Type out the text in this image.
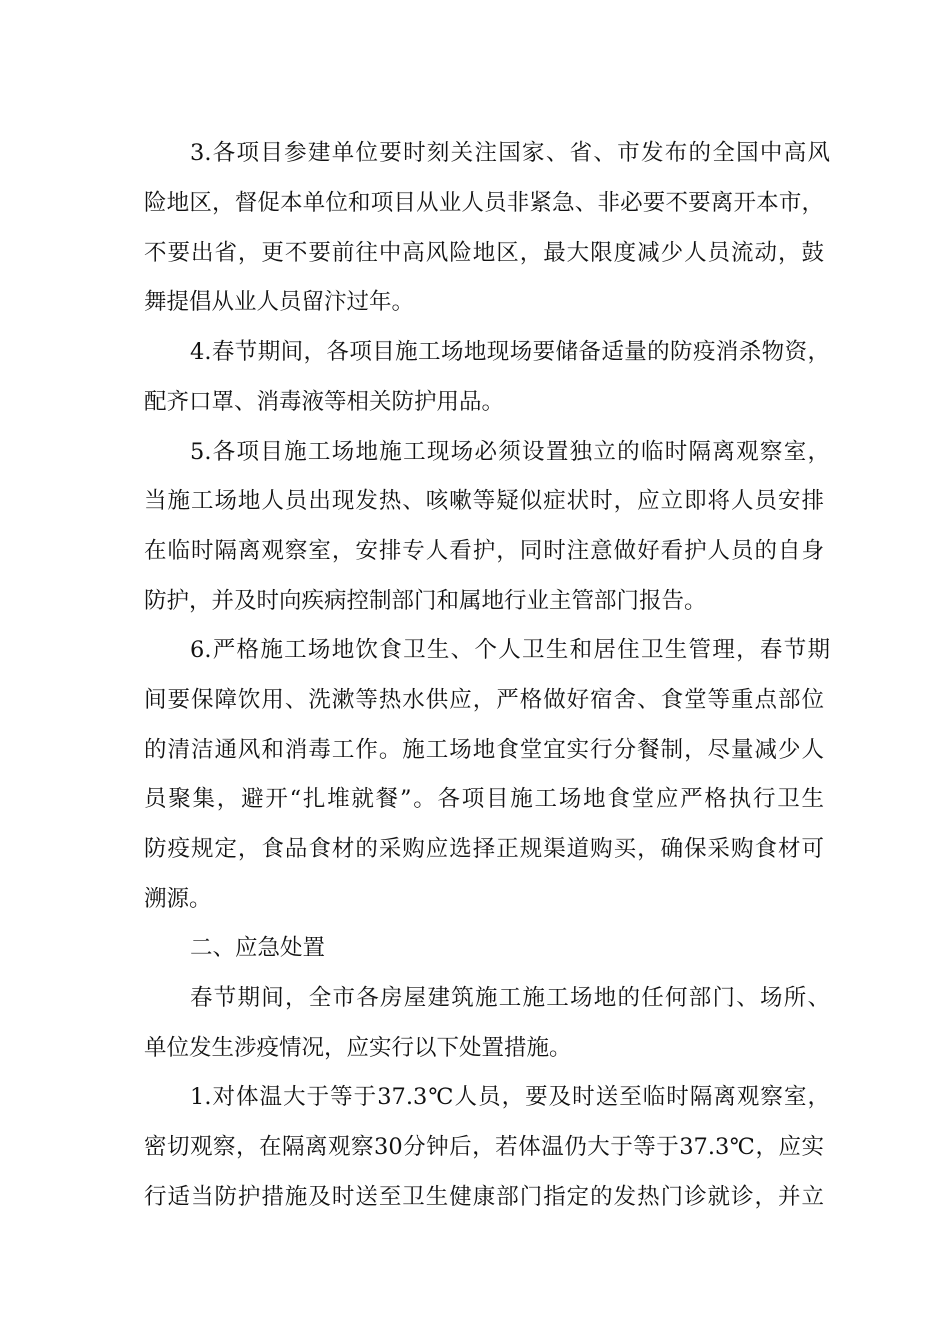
3.各项目参建单位要时刻关注国家、省、市发布的全国中高风
险地区，督促本单位和项目从业人员非紧急、非必要不要离开本市，
不要出省，更不要前往中高风险地区，最大限度减少人员流动，鼓
舞提倡从业人员留汴过年。
4.春节期间，各项目施工场地现场要储备适量的防疫消杀物资，
配齐口罩、消毒液等相关防护用品。
5.各项目施工场地施工现场必须设置独立的临时隔离观察室，
当施工场地人员出现发热、咳嗽等疑似症状时，应立即将人员安排
在临时隔离观察室，安排专人看护，同时注意做好看护人员的自身
防护，并及时向疾病控制部门和属地行业主管部门报告。
6.严格施工场地饮食卫生、个人卫生和居住卫生管理，春节期
间要保障饮用、洗漱等热水供应，严格做好宿舍、食堂等重点部位
的清洁通风和消毒工作。施工场地食堂宜实行分餐制，尽量减少人
员聚集，避开“扎堆就餐”。各项目施工场地食堂应严格执行卫生
防疫规定，食品食材的采购应选择正规渠道购买，确保采购食材可
溯源。
二、应急处置
春节期间，全市各房屋建筑施工施工场地的任何部门、场所、
单位发生涉疫情况，应实行以下处置措施。
1.对体温大于等于37.3℃人员，要及时送至临时隔离观察室，
密切观察，在隔离观察30分钟后，若体温仍大于等于37.3℃，应实
行适当防护措施及时送至卫生健康部门指定的发热门诊就诊，并立
